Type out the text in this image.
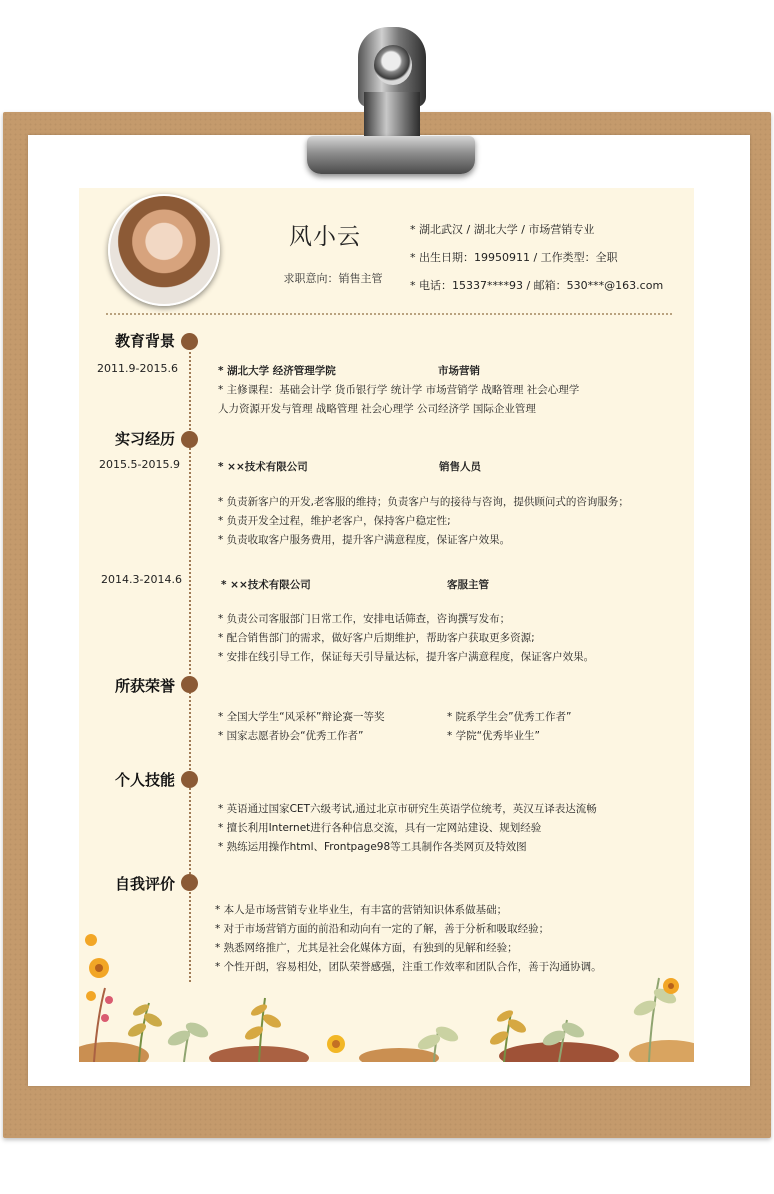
风小云
求职意向：销售主管
* 湖北武汉 / 湖北大学 / 市场营销专业
* 出生日期：19950911 / 工作类型：全职
* 电话：15337****93 / 邮箱：530***@163.com
教育背景
2011.9-2015.6	* 湖北大学 经济管理学院	市场营销
* 主修课程：基础会计学 货币银行学 统计学 市场营销学 战略管理 社会心理学
人力资源开发与管理 战略管理 社会心理学 公司经济学 国际企业管理
实习经历
2015.5-2015.9	* ××技术有限公司	销售人员
* 负责新客户的开发,老客服的维持；负责客户与的接待与咨询，提供顾问式的咨询服务；
* 负责开发全过程，维护老客户，保持客户稳定性;
* 负责收取客户服务费用，提升客户满意程度，保证客户效果。
2014.3-2014.6	* ××技术有限公司	客服主管
* 负责公司客服部门日常工作，安排电话筛查，咨询撰写发布；
* 配合销售部门的需求，做好客户后期维护，帮助客户获取更多资源;
* 安排在线引导工作，保证每天引导量达标，提升客户满意程度，保证客户效果。
所获荣誉
* 全国大学生“风采杯”辩论赛一等奖	* 院系学生会”优秀工作者”
* 国家志愿者协会“优秀工作者”	* 学院“优秀毕业生”
个人技能
* 英语通过国家CET六级考试,通过北京市研究生英语学位统考，英汉互译表达流畅
* 擅长利用Internet进行各种信息交流，具有一定网站建设、规划经验
* 熟练运用操作html、Frontpage98等工具制作各类网页及特效图
自我评价
* 本人是市场营销专业毕业生，有丰富的营销知识体系做基础；
* 对于市场营销方面的前沿和动向有一定的了解，善于分析和吸取经验；
* 熟悉网络推广，尤其是社会化媒体方面，有独到的见解和经验；
* 个性开朗，容易相处，团队荣誉感强，注重工作效率和团队合作，善于沟通协调。
